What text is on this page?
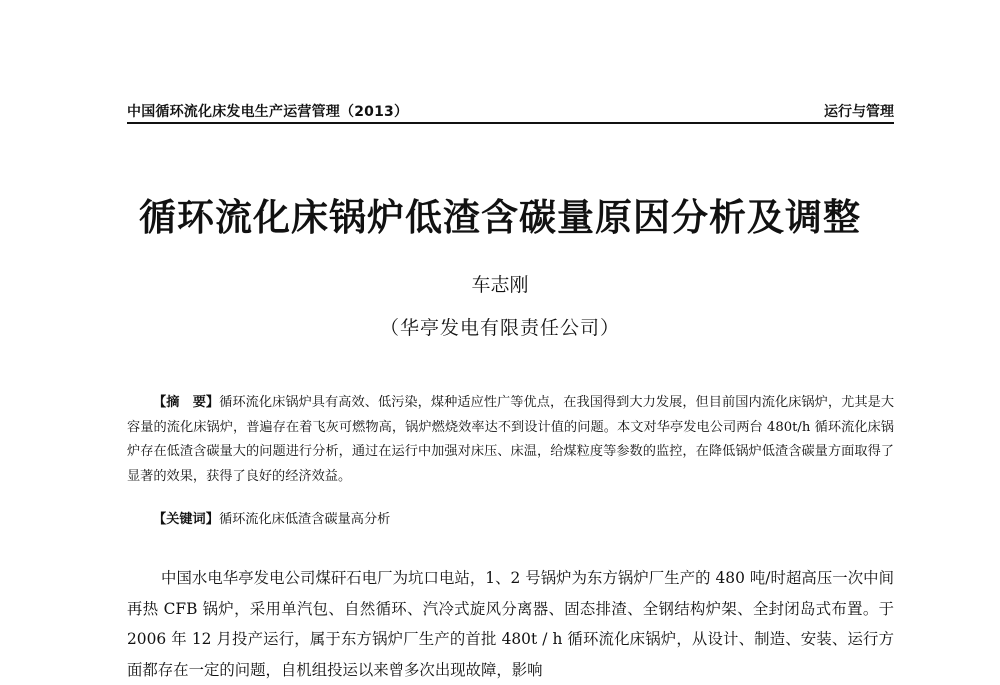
中国循环流化床发电生产运营管理（2013）	运行与管理
循环流化床锅炉低渣含碳量原因分析及调整
车志刚
（华亭发电有限责任公司）

【摘　要】循环流化床锅炉具有高效、低污染，煤种适应性广等优点，在我国得到大力发展，但目前国内流化床锅炉，尤其是大容量的流化床锅炉，普遍存在着飞灰可燃物高，锅炉燃烧效率达不到设计值的问题。本文对华亭发电公司两台 480t/h 循环流化床锅炉存在低渣含碳量大的问题进行分析，通过在运行中加强对床压、床温，给煤粒度等参数的监控，在降低锅炉低渣含碳量方面取得了显著的效果，获得了良好的经济效益。

【关键词】循环流化床低渣含碳量高分析

中国水电华亭发电公司煤矸石电厂为坑口电站，1、2 号锅炉为东方锅炉厂生产的 480 吨/时超高压一次中间再热 CFB 锅炉，采用单汽包、自然循环、汽冷式旋风分离器、固态排渣、全钢结构炉架、全封闭岛式布置。于 2006 年 12 月投产运行，属于东方锅炉厂生产的首批 480t / h 循环流化床锅炉，从设计、制造、安装、运行方面都存在一定的问题，自机组投运以来曾多次出现故障，影响
